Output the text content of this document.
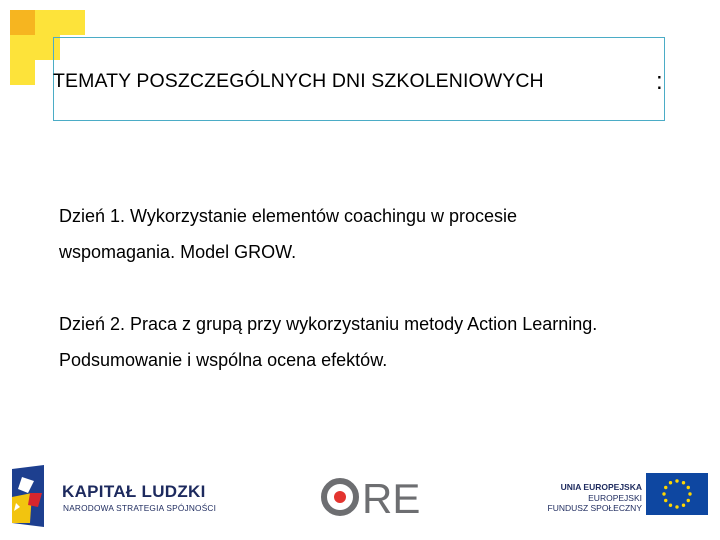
TEMATY POSZCZEGÓLNYCH DNI SZKOLENIOWYCH	:

Dzień 1. Wykorzystanie elementów coachingu w procesie

wspomagania. Model GROW.

Dzień 2. Praca z grupą przy wykorzystaniu metody Action Learning.

Podsumowanie i wspólna ocena efektów.

KAPITAŁ LUDZKI
NARODOWA STRATEGIA SPÓJNOŚCI	RE	UNIA EUROPEJSKA
EUROPEJSKI
FUNDUSZ SPOŁECZNY
